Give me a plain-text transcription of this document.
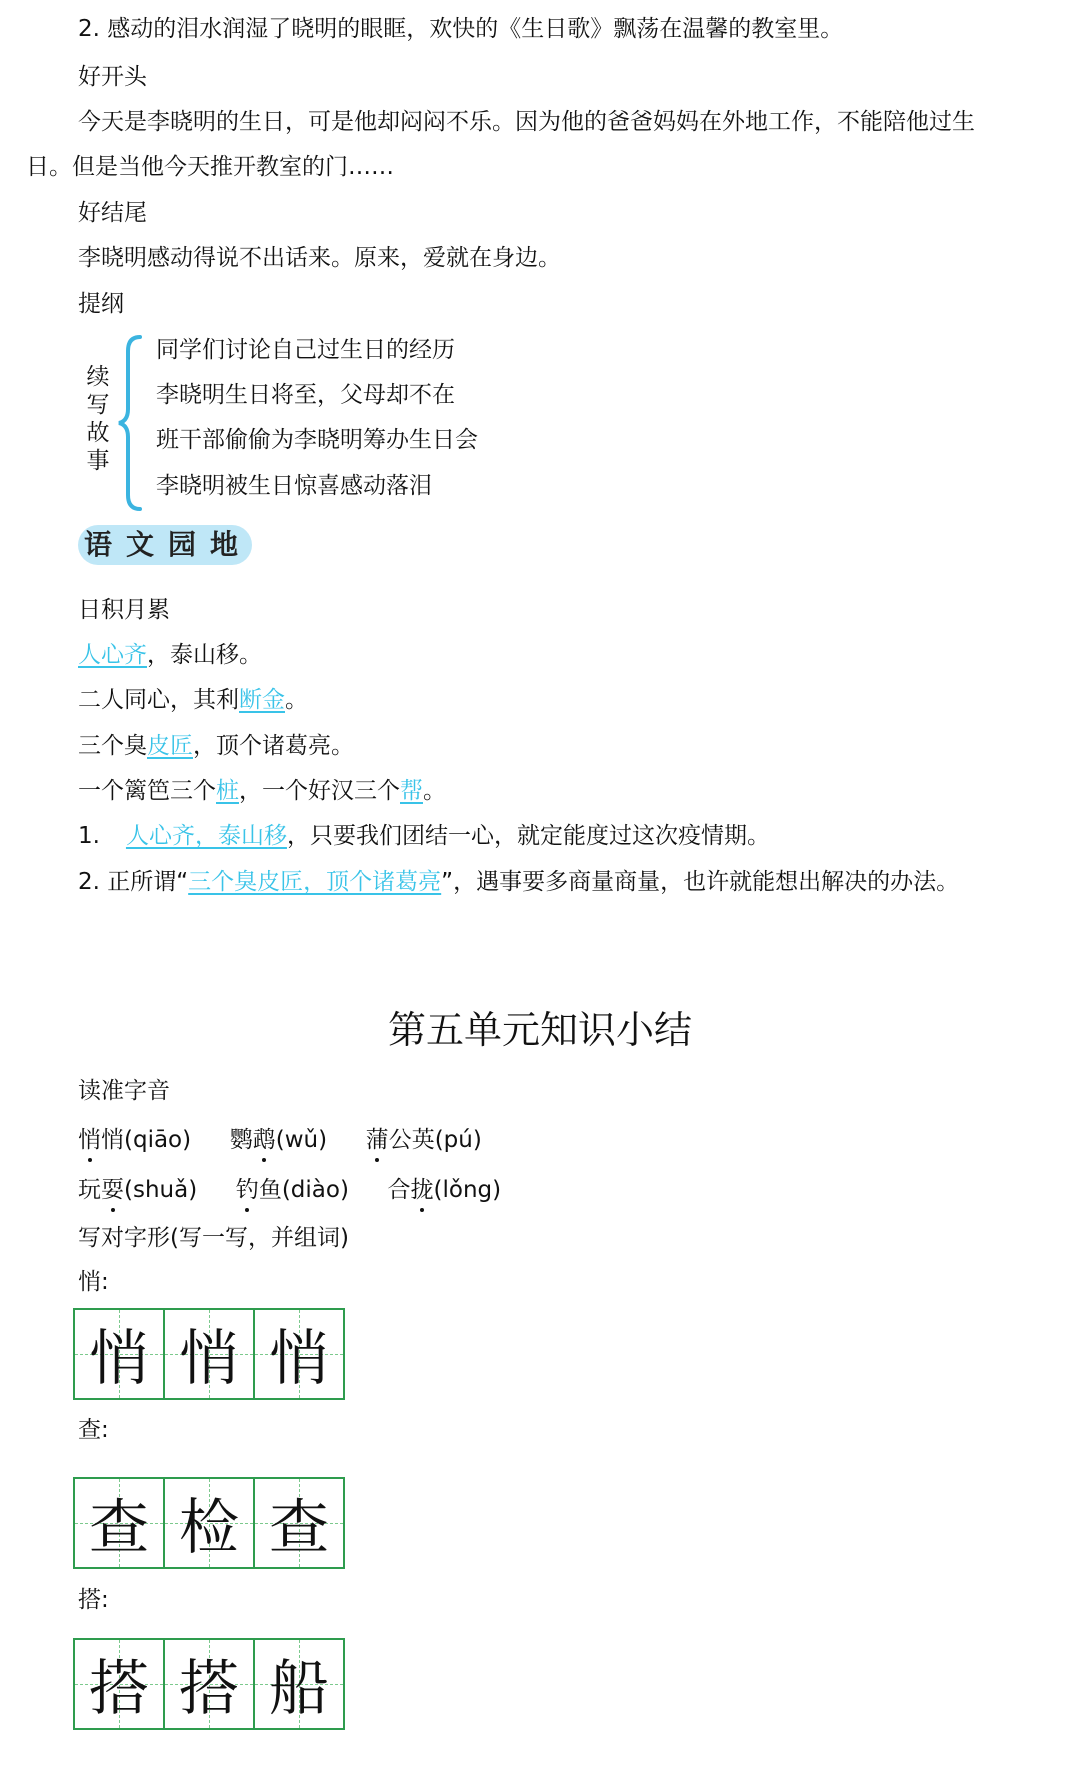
2. 感动的泪水润湿了晓明的眼眶，欢快的《生日歌》飘荡在温馨的教室里。
好开头
今天是李晓明的生日，可是他却闷闷不乐。因为他的爸爸妈妈在外地工作，不能陪他过生
日。但是当他今天推开教室的门……
好结尾
李晓明感动得说不出话来。原来，爱就在身边。
提纲
续
写
故
事
同学们讨论自己过生日的经历
李晓明生日将至，父母却不在
班干部偷偷为李晓明筹办生日会
李晓明被生日惊喜感动落泪
语文园地
日积月累
人心齐，泰山移。
二人同心，其利断金。
三个臭皮匠，顶个诸葛亮。
一个篱笆三个桩，一个好汉三个帮。
1. 人心齐，泰山移，只要我们团结一心，就定能度过这次疫情期。
2. 正所谓“三个臭皮匠，顶个诸葛亮”，遇事要多商量商量，也许就能想出解决的办法。
第五单元知识小结
读准字音
悄悄(qiāo) 鹦鹉(wǔ) 蒲公英(pú)
玩耍(shuǎ) 钓鱼(diào) 合拢(lǒng)
写对字形(写一写，并组词)
悄:
悄 悄 悄
查:
查 检 查
搭:
搭 搭 船
